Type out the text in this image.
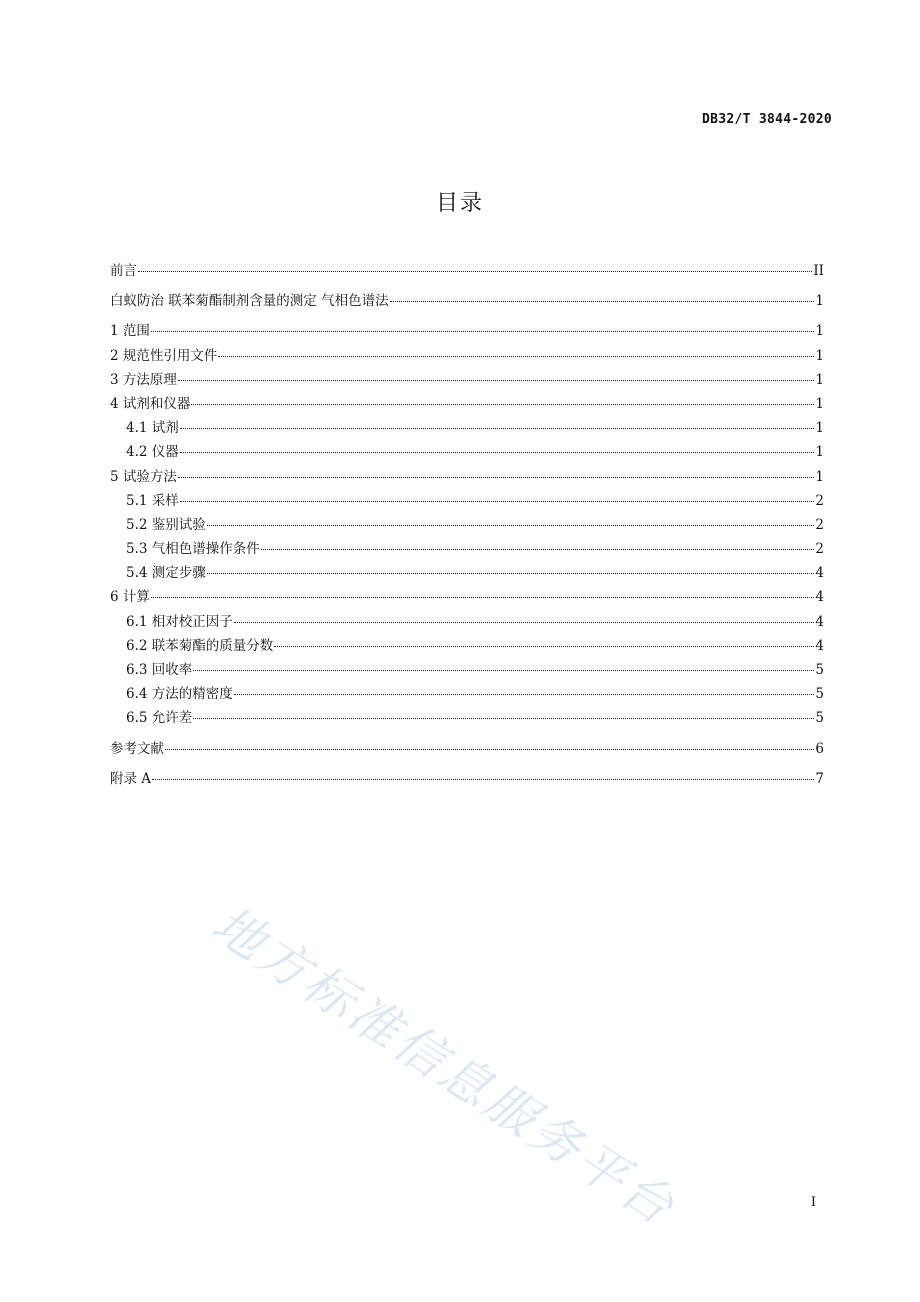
DB32/T 3844-2020
目录
前言	II
白蚁防治 联苯菊酯制剂含量的测定 气相色谱法	1
1 范围	1
2 规范性引用文件	1
3 方法原理	1
4 试剂和仪器	1
4.1 试剂	1
4.2 仪器	1
5 试验方法	1
5.1 采样	2
5.2 鉴别试验	2
5.3 气相色谱操作条件	2
5.4 测定步骤	4
6 计算	4
6.1 相对校正因子	4
6.2 联苯菊酯的质量分数	4
6.3 回收率	5
6.4 方法的精密度	5
6.5 允许差	5
参考文献	6
附录 A	7
地方标准信息服务平台	I
